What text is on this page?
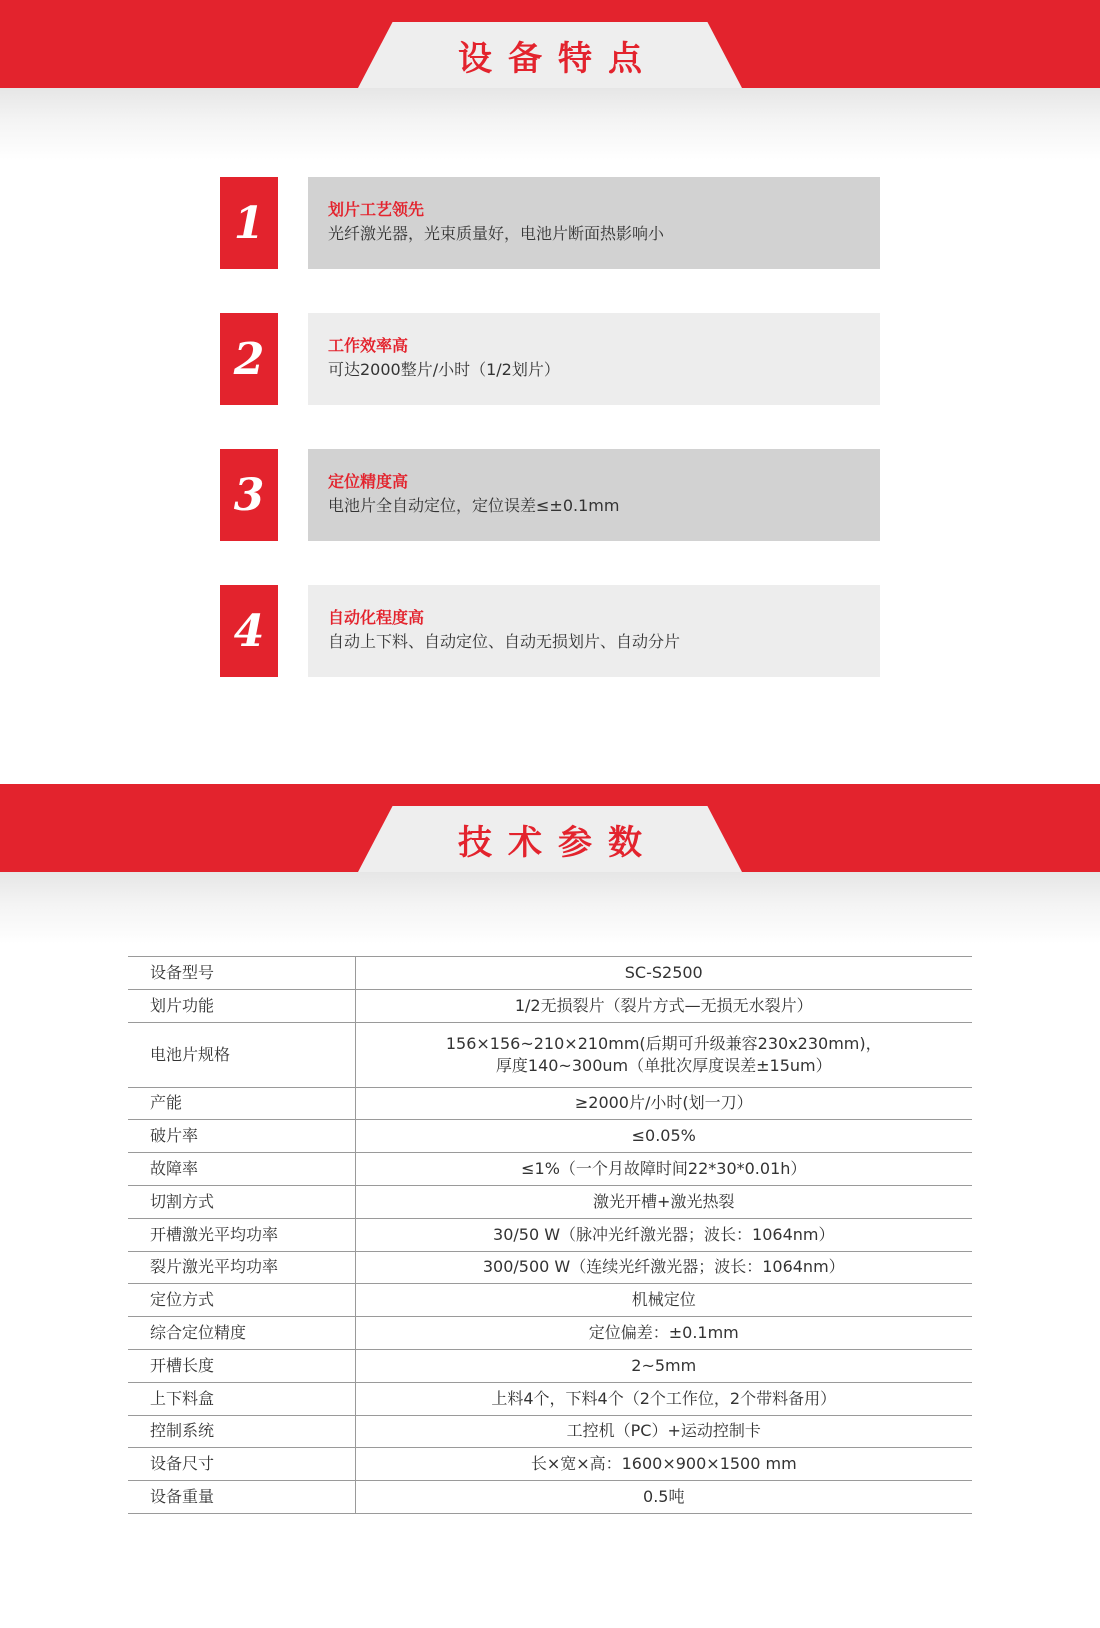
设备特点
1	划片工艺领先
光纤激光器，光束质量好，电池片断面热影响小
2	工作效率高
可达2000整片/小时（1/2划片）
3	定位精度高
电池片全自动定位，定位误差≤±0.1mm
4	自动化程度高
自动上下料、自动定位、自动无损划片、自动分片
技术参数
设备型号	SC-S2500
划片功能	1/2无损裂片（裂片方式—无损无水裂片）
电池片规格	156×156~210×210mm(后期可升级兼容230x230mm)，
厚度140~300um（单批次厚度误差±15um）

产能	≥2000片/小时(划一刀）
破片率	≤0.05%
故障率	≤1%（一个月故障时间22*30*0.01h）
切割方式	激光开槽+激光热裂
开槽激光平均功率	30/50 W（脉冲光纤激光器；波长：1064nm）
裂片激光平均功率	300/500 W（连续光纤激光器；波长：1064nm）
定位方式	机械定位
综合定位精度	定位偏差：±0.1mm
开槽长度	2~5mm
上下料盒	上料4个，下料4个（2个工作位，2个带料备用）
控制系统	工控机（PC）+运动控制卡
设备尺寸	长×宽×高：1600×900×1500 mm
设备重量	0.5吨
